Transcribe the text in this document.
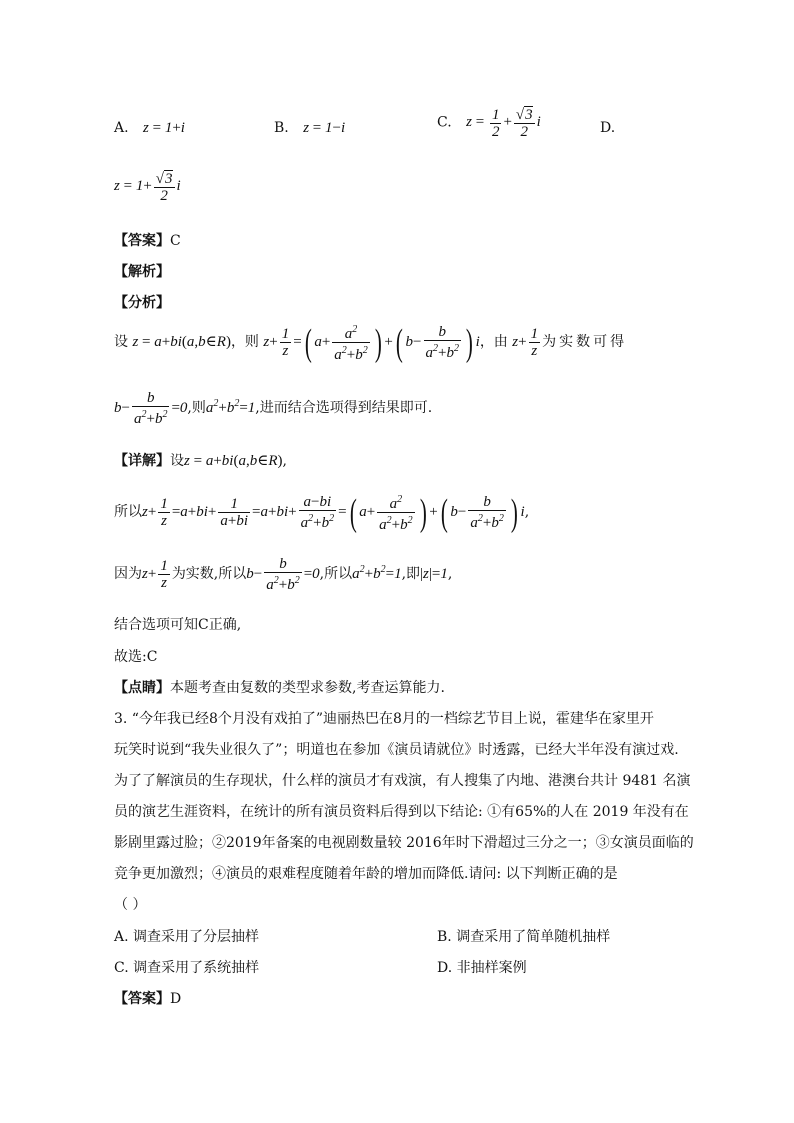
A. z = 1+i	B. z = 1−i	C. $z = \frac{1}{2} + \frac{√3}{2}$ i	D.
$z = 1+ \frac{√3}{2}$ i
【答案】C
【解析】
【分析】
设 z = a+bi(a,b∈R)，则 $z+ \frac{1}{z}$ =( $a+ \frac{a^2}{a^2+b^2}$ ) +( $b- \frac{b}{a^2+b^2}$ ) i，由 $z+ \frac{1}{z}$ 为实数可得
$b- \frac{b}{a^2+b^2} =0$,则$a^2+b^2=1$,进而结合选项得到结果即可.
【详解】设z = a+bi(a,b∈R),
所以$z+ \frac{1}{z} =a+bi+ \frac{1}{a+bi} =a+bi+ \frac{a-bi}{a^2+b^2}$ =( $a+ \frac{a^2}{a^2+b^2}$ ) +( $b- \frac{b}{a^2+b^2}$ ) i,
因为$z+ \frac{1}{z}$ 为实数,所以$b- \frac{b}{a^2+b^2} =0$,所以$a^2+b^2=1$,即|z|=1,
结合选项可知C正确,
故选:C
【点睛】本题考查由复数的类型求参数,考查运算能力.
3. “今年我已经8个月没有戏拍了”迪丽热巴在8月的一档综艺节目上说，霍建华在家里开
玩笑时说到“我失业很久了”；明道也在参加《演员请就位》时透露，已经大半年没有演过戏.
为了了解演员的生存现状，什么样的演员才有戏演，有人搜集了内地、港澳台共计 9481 名演
员的演艺生涯资料，在统计的所有演员资料后得到以下结论: ①有65%的人在 2019 年没有在
影剧里露过脸；②2019年备案的电视剧数量较 2016年时下滑超过三分之一；③女演员面临的
竞争更加激烈；④演员的艰难程度随着年龄的增加而降低.请问: 以下判断正确的是
（ ）
A. 调查采用了分层抽样	B. 调查采用了简单随机抽样
C. 调查采用了系统抽样	D. 非抽样案例
【答案】D
